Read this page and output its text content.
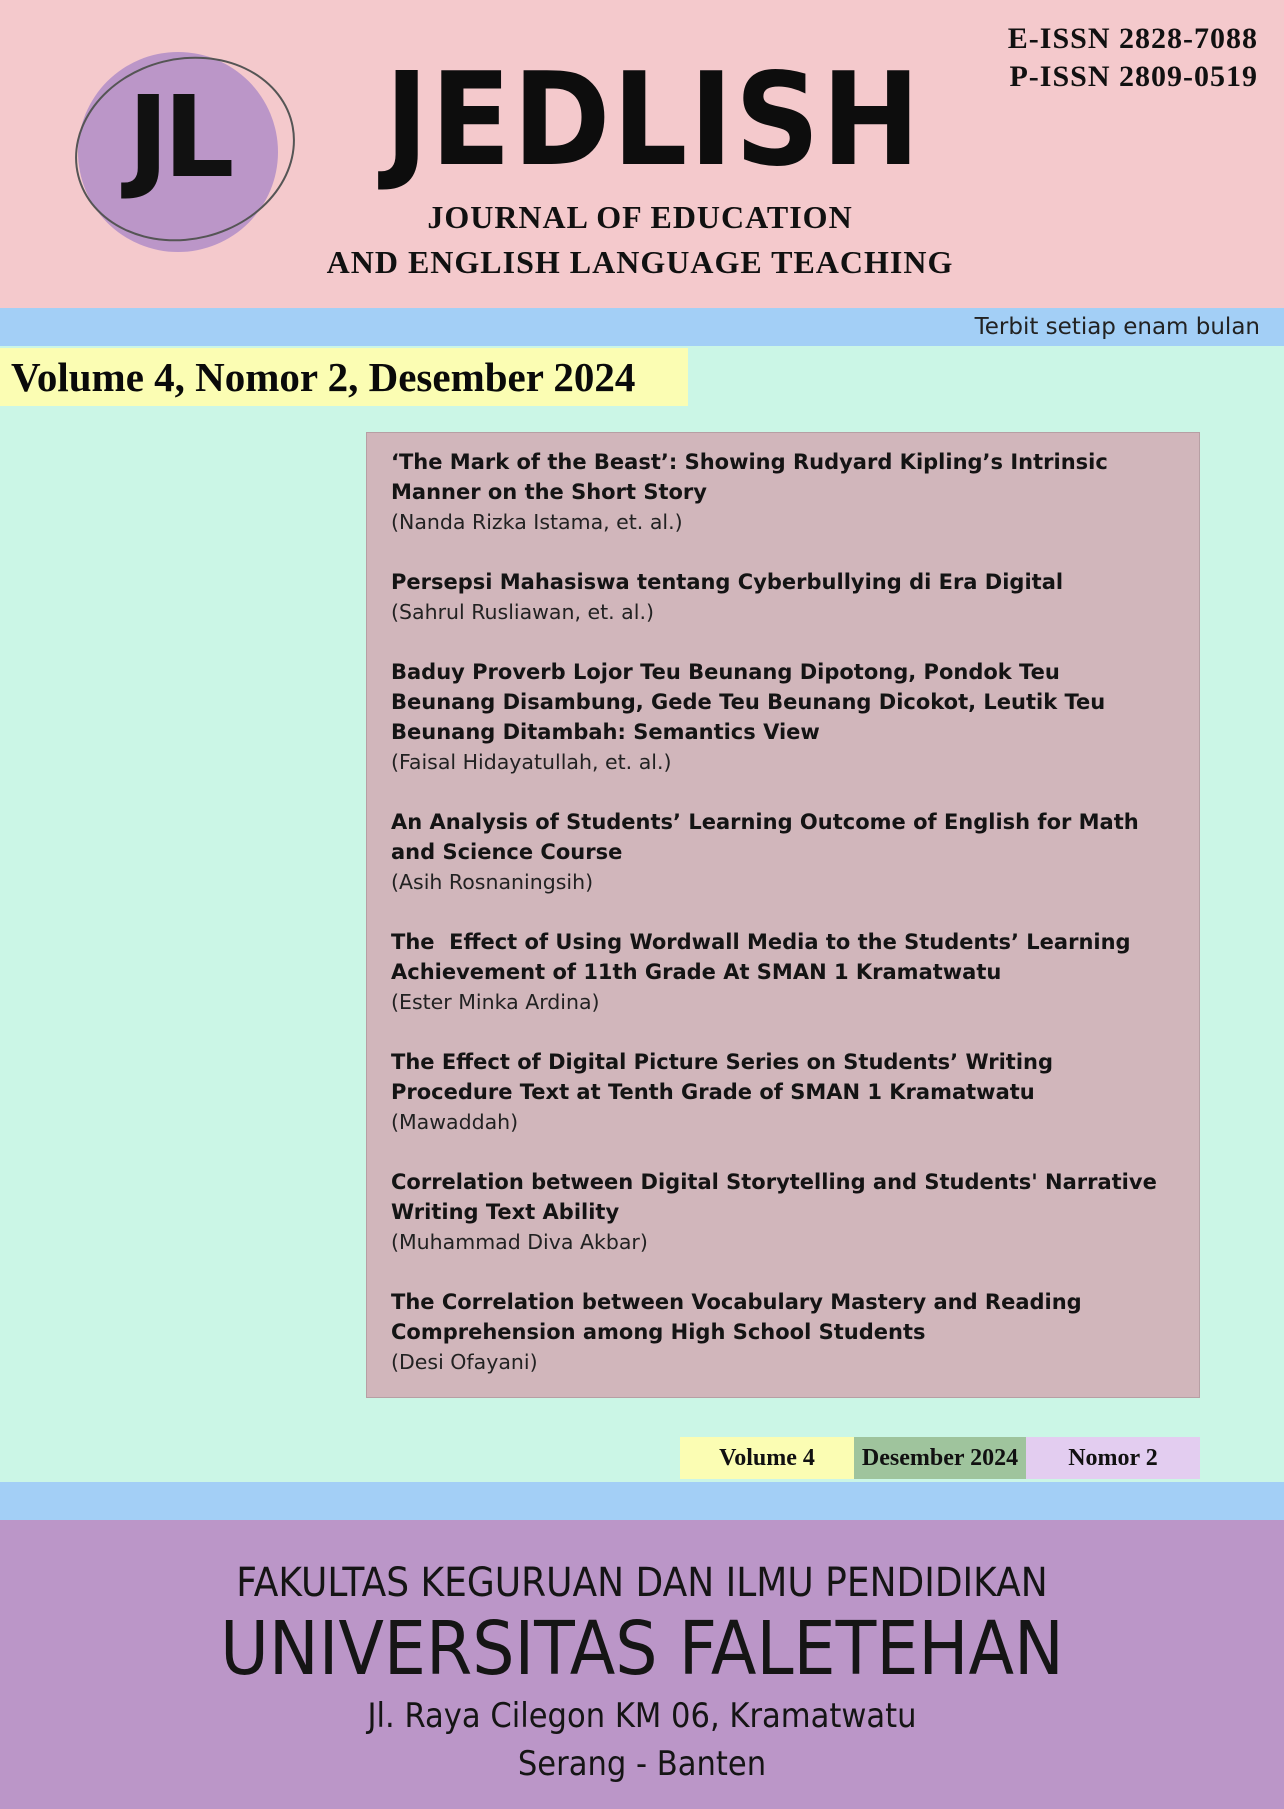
JL	JEDLISH
JOURNAL OF EDUCATION
AND ENGLISH LANGUAGE TEACHING
E-ISSN 2828-7088
P-ISSN 2809-0519
Terbit setiap enam bulan
Volume 4, Nomor 2, Desember 2024
‘The Mark of the Beast’: Showing Rudyard Kipling’s Intrinsic Manner on the Short Story
(Nanda Rizka Istama, et. al.)
Persepsi Mahasiswa tentang Cyberbullying di Era Digital
(Sahrul Rusliawan, et. al.)
Baduy Proverb Lojor Teu Beunang Dipotong, Pondok Teu Beunang Disambung, Gede Teu Beunang Dicokot, Leutik Teu Beunang Ditambah: Semantics View
(Faisal Hidayatullah, et. al.)
An Analysis of Students’ Learning Outcome of English for Math and Science Course
(Asih Rosnaningsih)
The  Effect of Using Wordwall Media to the Students’ Learning Achievement of 11th Grade At SMAN 1 Kramatwatu
(Ester Minka Ardina)
The Effect of Digital Picture Series on Students’ Writing Procedure Text at Tenth Grade of SMAN 1 Kramatwatu
(Mawaddah)
Correlation between Digital Storytelling and Students' Narrative Writing Text Ability
(Muhammad Diva Akbar)
The Correlation between Vocabulary Mastery and Reading Comprehension among High School Students
(Desi Ofayani)
Volume 4	Desember 2024	Nomor 2
FAKULTAS KEGURUAN DAN ILMU PENDIDIKAN
UNIVERSITAS FALETEHAN
Jl. Raya Cilegon KM 06, Kramatwatu
Serang - Banten
